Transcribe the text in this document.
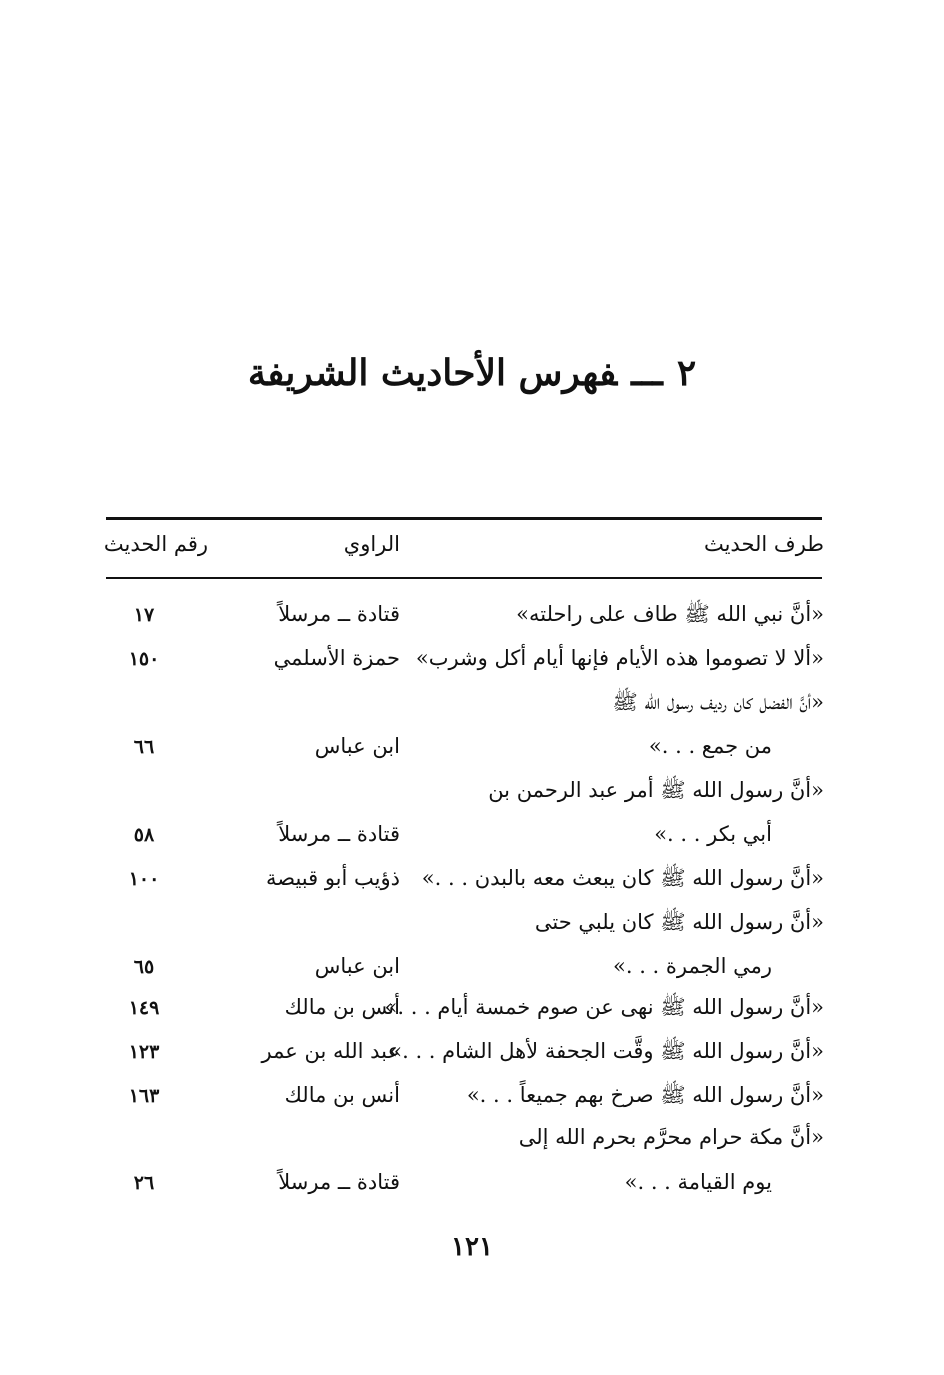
٢ـــفهرس الأحاديث الشريفة
طرف الحديث
الراوي
رقم الحديث
«أنَّ نبي الله ﷺ طاف على راحلته»
قتادة ــ مرسلاً
١٧
«ألا لا تصوموا هذه الأيام فإنها أيام أكل وشرب»
حمزة الأسلمي
١٥٠
«أنَّ الفضل كان رديف رسول الله ﷺ
من جمع . . .»
ابن عباس
٦٦
«أنَّ رسول الله ﷺ أمر عبد الرحمن بن
أبي بكر . . .»
قتادة ــ مرسلاً
٥٨
«أنَّ رسول الله ﷺ كان يبعث معه بالبدن . . .»
ذؤيب أبو قبيصة
١٠٠
«أنَّ رسول الله ﷺ كان يلبي حتى
رمي الجمرة . . .»
ابن عباس
٦٥
«أنَّ رسول الله ﷺ نهى عن صوم خمسة أيام . . .»
أنس بن مالك
١٤٩
«أنَّ رسول الله ﷺ وقَّت الجحفة لأهل الشام . . .»
عبد الله بن عمر
١٢٣
«أنَّ رسول الله ﷺ صرخ بهم جميعاً . . .»
أنس بن مالك
١٦٣
«أنَّ مكة حرام محرَّم بحرم الله إلى
يوم القيامة . . .»
قتادة ــ مرسلاً
٢٦
١٢١
